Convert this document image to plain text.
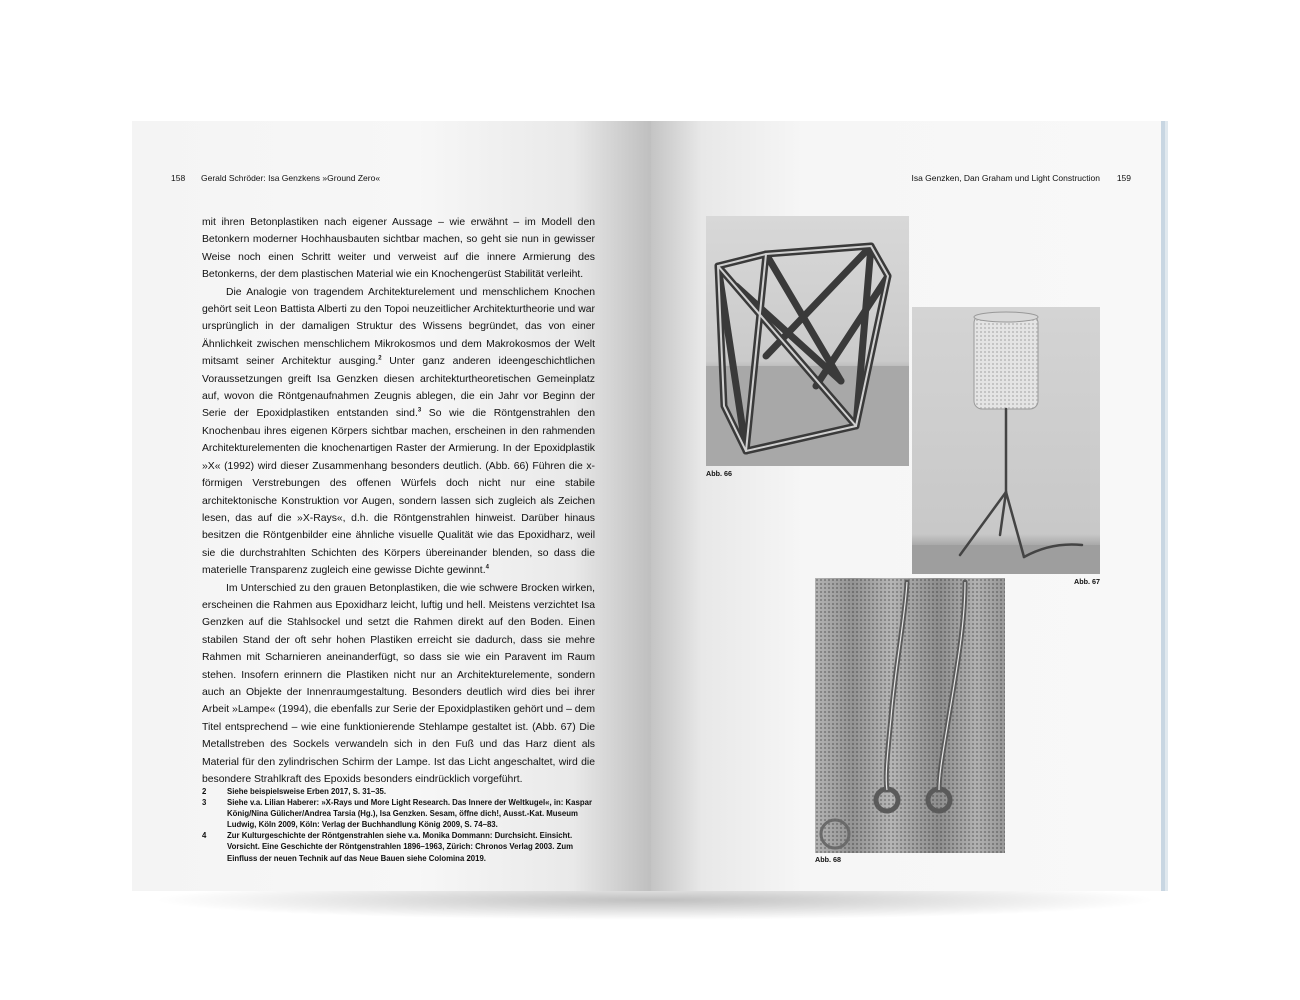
158 Gerald Schröder: Isa Genzkens »Ground Zero«

mit ihren Betonplastiken nach eigener Aussage – wie erwähnt – im Modell den Betonkern moderner Hochhausbauten sichtbar machen, so geht sie nun in gewisser Weise noch einen Schritt weiter und verweist auf die innere Armierung des Betonkerns, der dem plastischen Material wie ein Knochengerüst Stabilität verleiht.

Die Analogie von tragendem Architekturelement und menschlichem Knochen gehört seit Leon Battista Alberti zu den Topoi neuzeitlicher Architekturtheorie und war ursprünglich in der damaligen Struktur des Wissens begründet, das von einer Ähnlichkeit zwischen menschlichem Mikrokosmos und dem Makrokosmos der Welt mitsamt seiner Architektur ausging.$^2$ Unter ganz anderen ideengeschichtlichen Voraussetzungen greift Isa Genzken diesen architekturtheoretischen Gemeinplatz auf, wovon die Röntgenaufnahmen Zeugnis ablegen, die ein Jahr vor Beginn der Serie der Epoxidplastiken entstanden sind.$^3$ So wie die Röntgenstrahlen den Knochenbau ihres eigenen Körpers sichtbar machen, erscheinen in den rahmenden Architekturelementen die knochenartigen Raster der Armierung. In der Epoxidplastik »X« (1992) wird dieser Zusammenhang besonders deutlich. (Abb. 66) Führen die x-förmigen Verstrebungen des offenen Würfels doch nicht nur eine stabile architektonische Konstruktion vor Augen, sondern lassen sich zugleich als Zeichen lesen, das auf die »X-Rays«, d.h. die Röntgenstrahlen hinweist. Darüber hinaus besitzen die Röntgenbilder eine ähnliche visuelle Qualität wie das Epoxidharz, weil sie die durchstrahlten Schichten des Körpers übereinander blenden, so dass die materielle Transparenz zugleich eine gewisse Dichte gewinnt.$^4$

Im Unterschied zu den grauen Betonplastiken, die wie schwere Brocken wirken, erscheinen die Rahmen aus Epoxidharz leicht, luftig und hell. Meistens verzichtet Isa Genzken auf die Stahlsockel und setzt die Rahmen direkt auf den Boden. Einen stabilen Stand der oft sehr hohen Plastiken erreicht sie dadurch, dass sie mehre Rahmen mit Scharnieren aneinanderfügt, so dass sie wie ein Paravent im Raum stehen. Insofern erinnern die Plastiken nicht nur an Architekturelemente, sondern auch an Objekte der Innenraumgestaltung. Besonders deutlich wird dies bei ihrer Arbeit »Lampe« (1994), die ebenfalls zur Serie der Epoxidplastiken gehört und – dem Titel entsprechend – wie eine funktionierende Stehlampe gestaltet ist. (Abb. 67) Die Metallstreben des Sockels verwandeln sich in den Fuß und das Harz dient als Material für den zylindrischen Schirm der Lampe. Ist das Licht angeschaltet, wird die besondere Strahlkraft des Epoxids besonders eindrücklich vorgeführt.

2	Siehe beispielsweise Erben 2017, S. 31–35.
3	Siehe v.a. Lilian Haberer: »X-Rays und More Light Research. Das Innere der Weltkugel«, in: Kaspar König/Nina Gülicher/Andrea Tarsia (Hg.), Isa Genzken. Sesam, öffne dich!, Ausst.-Kat. Museum Ludwig, Köln 2009, Köln: Verlag der Buchhandlung König 2009, S. 74–83.
4	Zur Kulturgeschichte der Röntgenstrahlen siehe v.a. Monika Dommann: Durchsicht. Einsicht. Vorsicht. Eine Geschichte der Röntgenstrahlen 1896–1963, Zürich: Chronos Verlag 2003. Zum Einfluss der neuen Technik auf das Neue Bauen siehe Colomina 2019.
Isa Genzken, Dan Graham und Light Construction 159
Abb. 66
Abb. 67
Abb. 68
